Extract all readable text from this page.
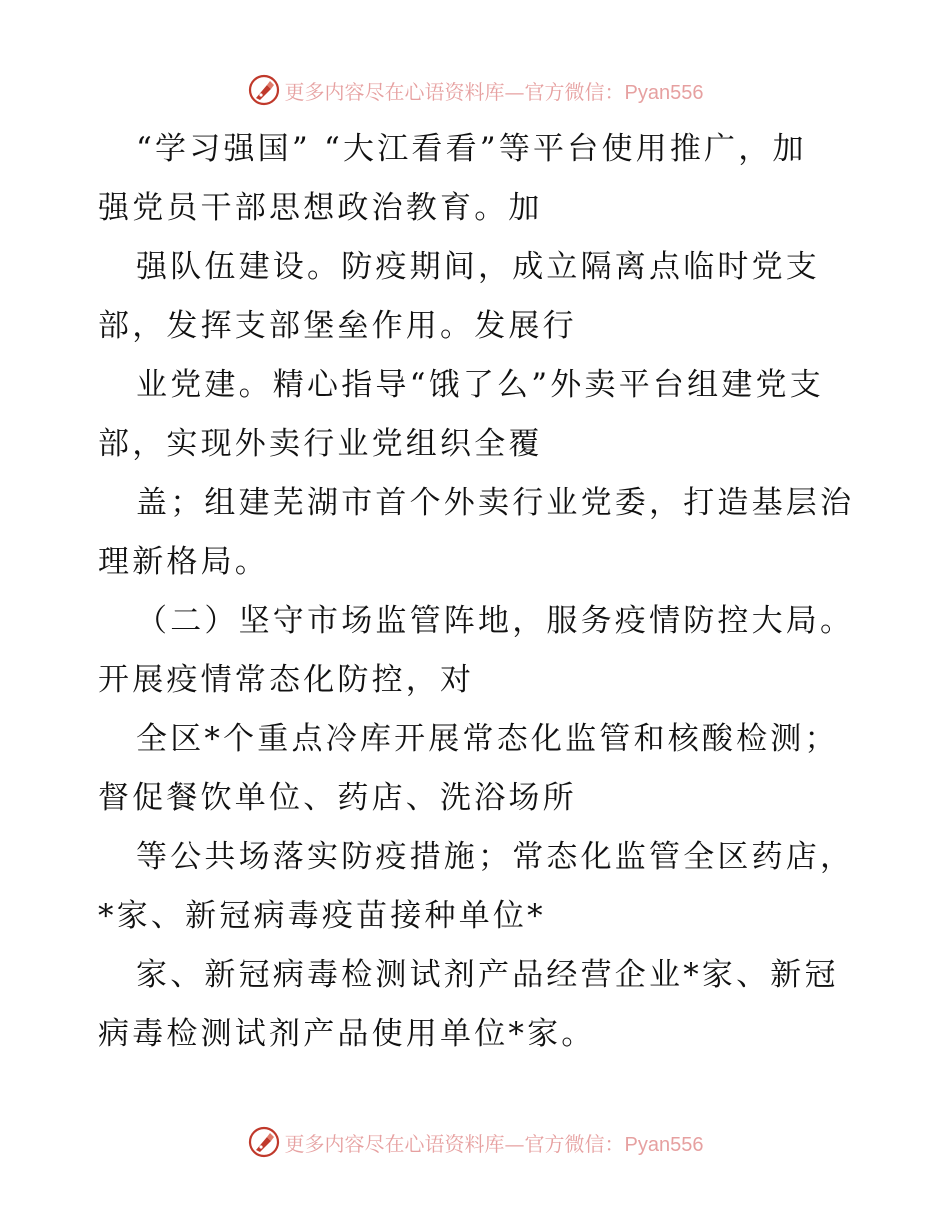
更多内容尽在心语资料库—官方微信：Pyan556

“学习强国” “大江看看”等平台使用推广，加
强党员干部思想政治教育。加

强队伍建设。防疫期间，成立隔离点临时党支
部，发挥支部堡垒作用。发展行

业党建。精心指导“饿了么”外卖平台组建党支
部，实现外卖行业党组织全覆

盖；组建芜湖市首个外卖行业党委，打造基层治
理新格局。

（二）坚守市场监管阵地，服务疫情防控大局。
开展疫情常态化防控，对

全区*个重点冷库开展常态化监管和核酸检测；
督促餐饮单位、药店、洗浴场所

等公共场落实防疫措施；常态化监管全区药店，
*家、新冠病毒疫苗接种单位*

家、新冠病毒检测试剂产品经营企业*家、新冠
病毒检测试剂产品使用单位*家。

更多内容尽在心语资料库—官方微信：Pyan556
